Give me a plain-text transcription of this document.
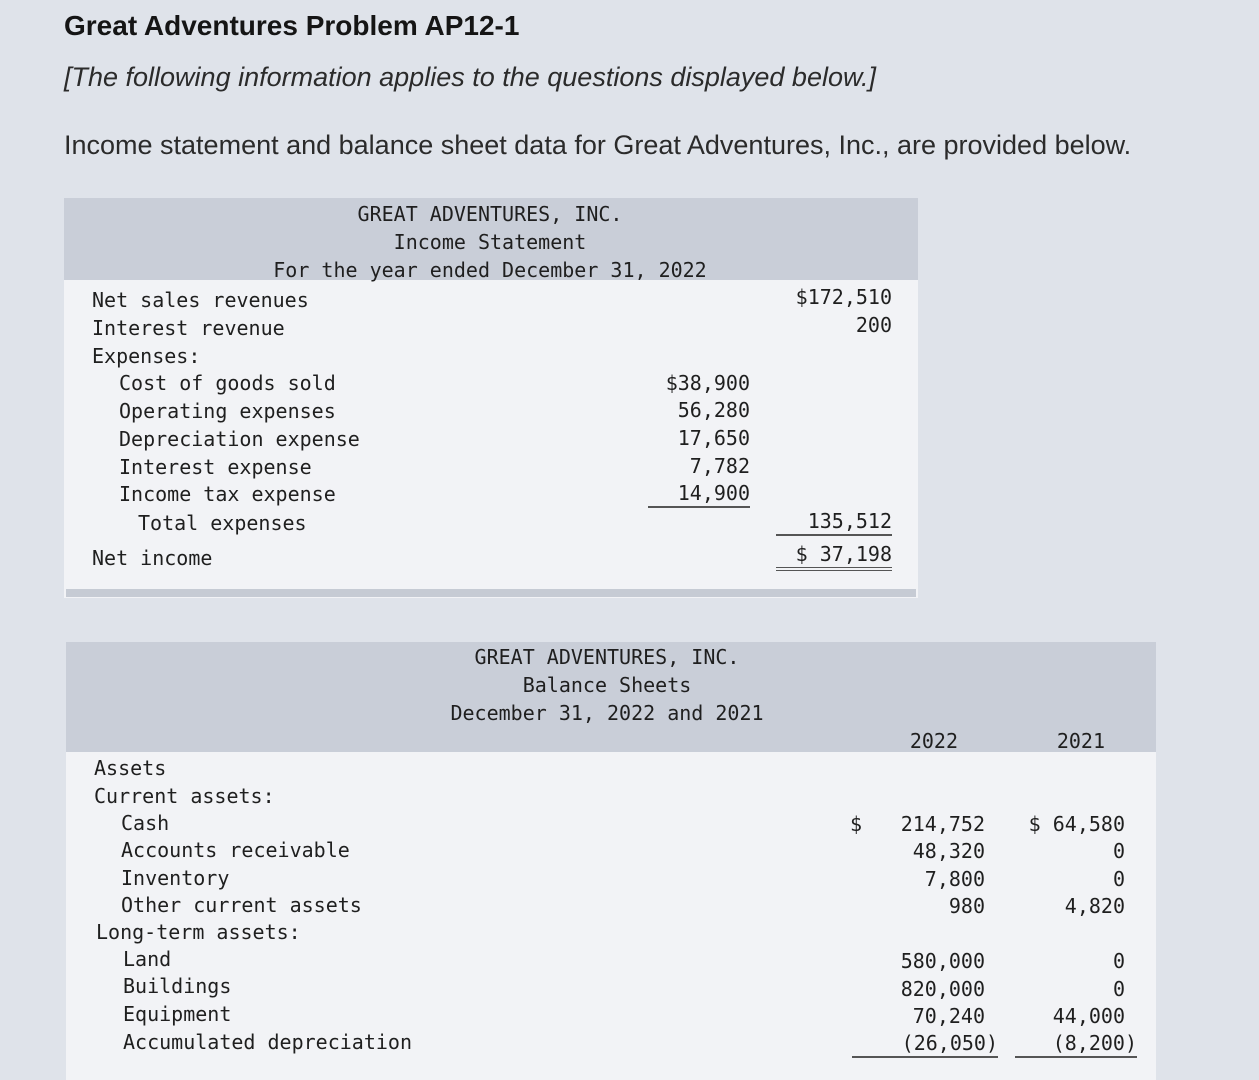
Great Adventures Problem AP12-1
[The following information applies to the questions displayed below.]
Income statement and balance sheet data for Great Adventures, Inc., are provided below.
GREAT ADVENTURES, INC.
Income Statement
For the year ended December 31, 2022
Net sales revenues	$172,510
Interest revenue	200
Expenses:
Cost of goods sold	$38,900
Operating expenses	56,280
Depreciation expense	17,650
Interest expense	7,782
Income tax expense	14,900
Total expenses	135,512
Net income	$ 37,198
GREAT ADVENTURES, INC.
Balance Sheets
December 31, 2022 and 2021
2022	2021
Assets
Current assets:
Cash	$	214,752	$ 64,580
Accounts receivable	48,320	0
Inventory	7,800	0
Other current assets	980	4,820
Long-term assets:
Land	580,000	0
Buildings	820,000	0
Equipment	70,240	44,000
Accumulated depreciation	(26,050)	(8,200)
